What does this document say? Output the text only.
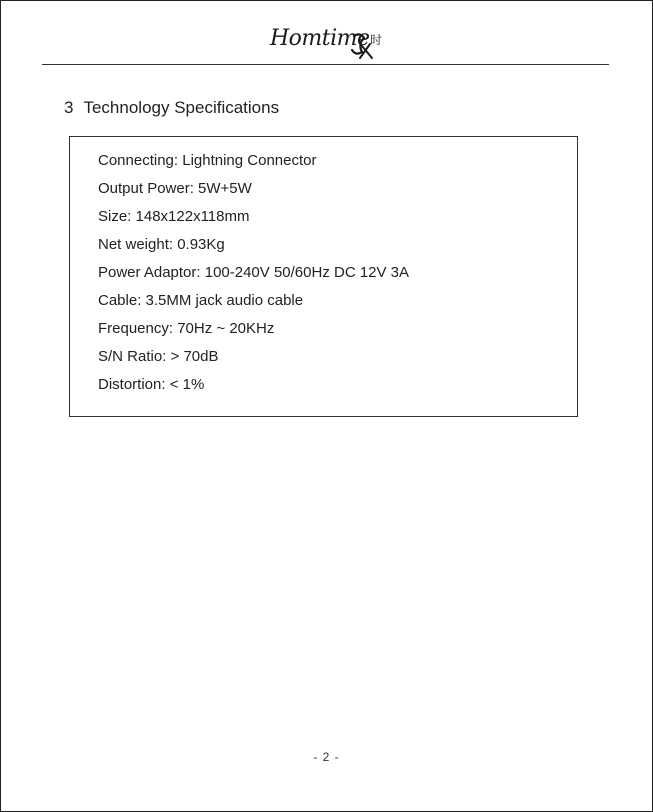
Homtime 时
3 Technology Specifications
Connecting: Lightning Connector
Output Power: 5W+5W
Size: 148x122x118mm
Net weight: 0.93Kg
Power Adaptor: 100-240V 50/60Hz DC 12V 3A
Cable: 3.5MM jack audio cable
Frequency: 70Hz ~ 20KHz
S/N Ratio: > 70dB
Distortion: < 1%
- 2 -
